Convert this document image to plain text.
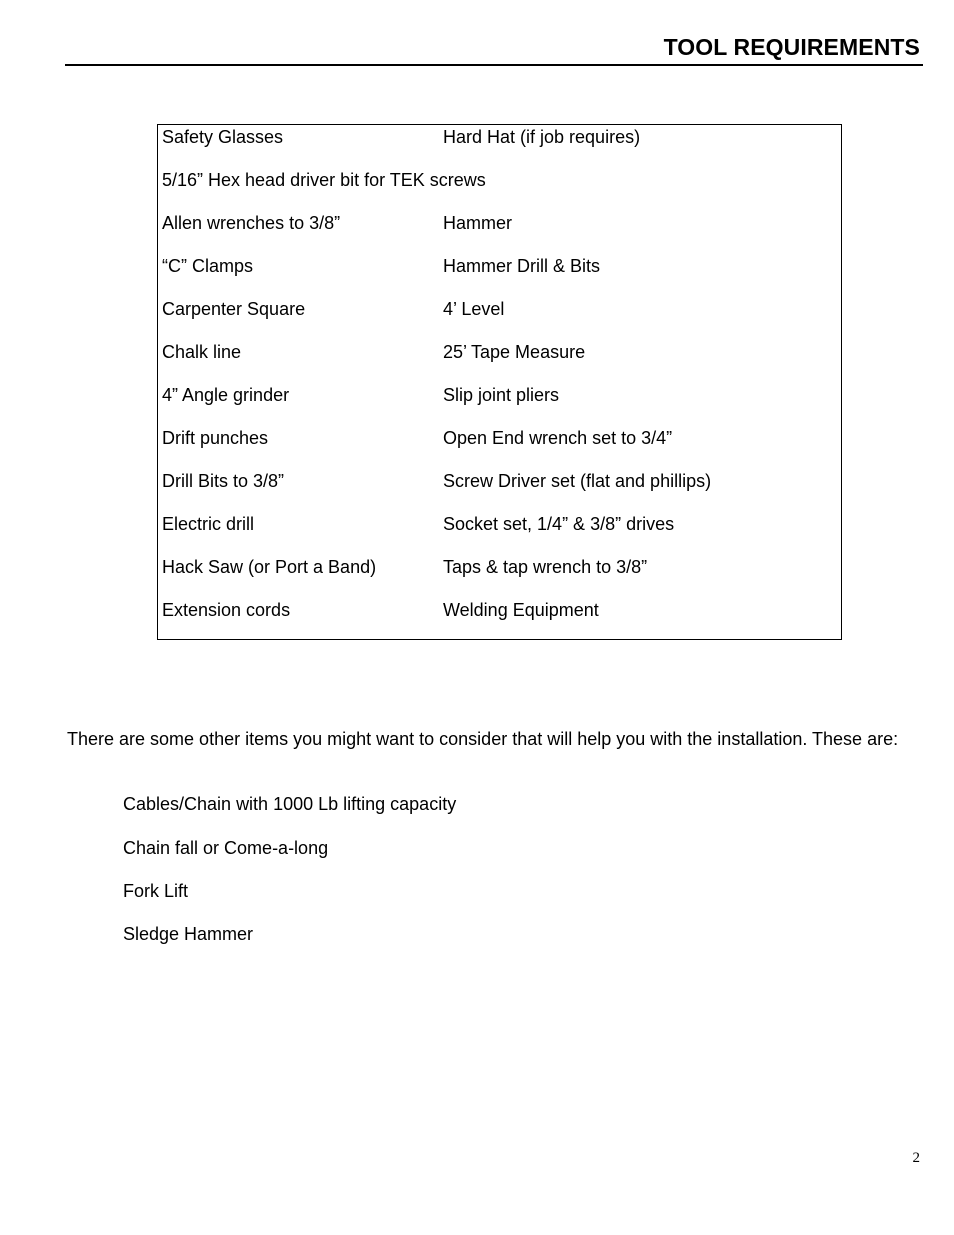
TOOL REQUIREMENTS
Safety Glasses	Hard Hat (if job requires)
5/16” Hex head driver bit for TEK screws
Allen wrenches to 3/8”	Hammer
“C” Clamps	Hammer Drill & Bits
Carpenter Square	4’ Level
Chalk line	25’ Tape Measure
4” Angle grinder	Slip joint pliers
Drift punches	Open End wrench set to 3/4”
Drill Bits to 3/8”	Screw Driver set (flat and phillips)
Electric drill	Socket set, 1/4” & 3/8” drives
Hack Saw (or Port a Band)	Taps & tap wrench to 3/8”
Extension cords	Welding Equipment

There are some other items you might want to consider that will help you with the installation. These are:

Cables/Chain with 1000 Lb lifting capacity
Chain fall or Come-a-long
Fork Lift
Sledge Hammer
2
